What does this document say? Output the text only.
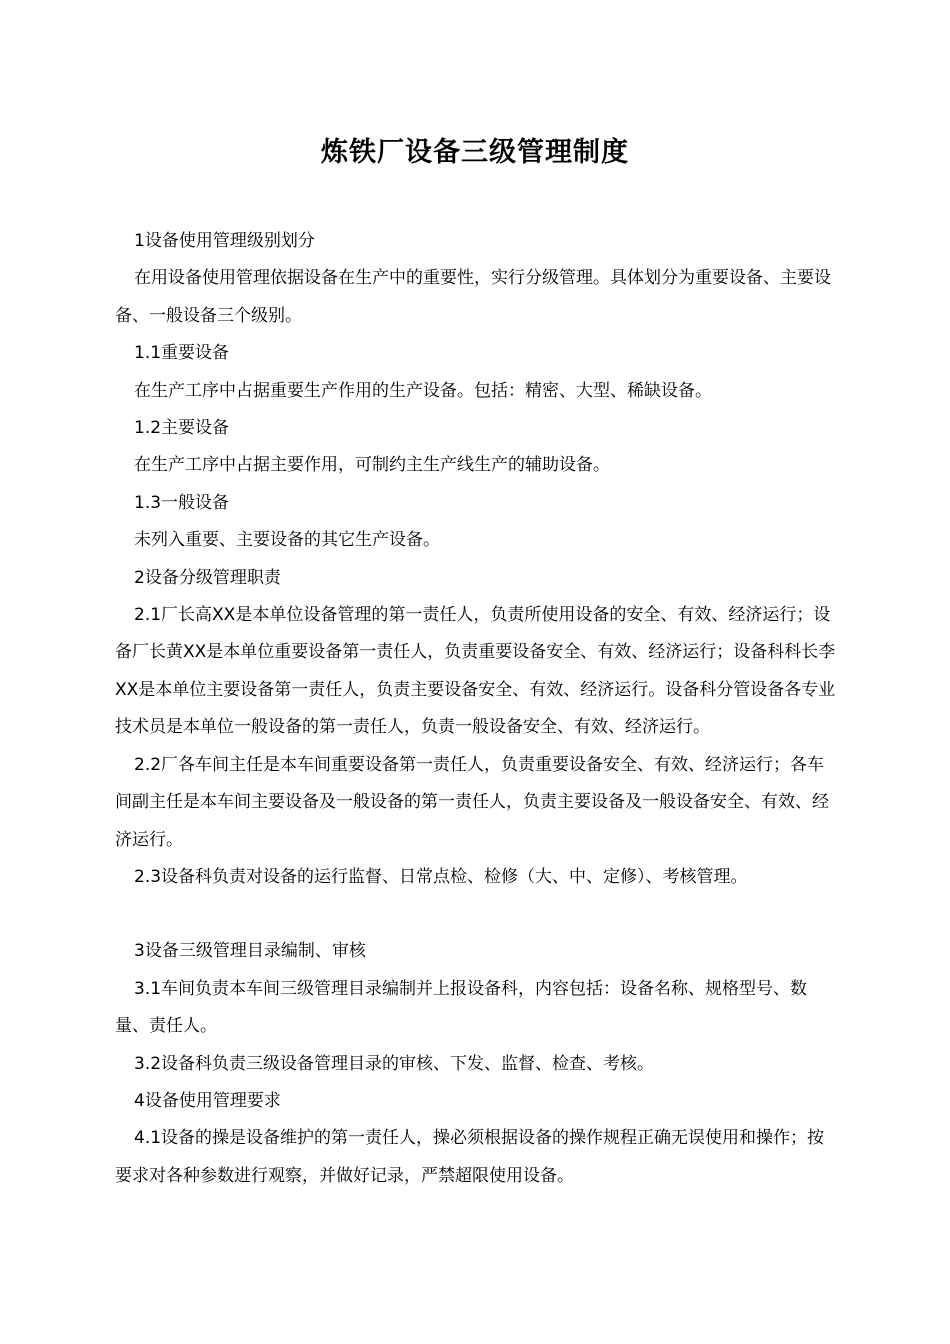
炼铁厂设备三级管理制度

1设备使用管理级别划分

在用设备使用管理依据设备在生产中的重要性，实行分级管理。具体划分为重要设备、主要设备、一般设备三个级别。

1.1重要设备

在生产工序中占据重要生产作用的生产设备。包括：精密、大型、稀缺设备。

1.2主要设备

在生产工序中占据主要作用，可制约主生产线生产的辅助设备。

1.3一般设备

未列入重要、主要设备的其它生产设备。

2设备分级管理职责

2.1厂长高XX是本单位设备管理的第一责任人，负责所使用设备的安全、有效、经济运行；设备厂长黄XX是本单位重要设备第一责任人，负责重要设备安全、有效、经济运行；设备科科长李XX是本单位主要设备第一责任人，负责主要设备安全、有效、经济运行。设备科分管设备各专业技术员是本单位一般设备的第一责任人，负责一般设备安全、有效、经济运行。

2.2厂各车间主任是本车间重要设备第一责任人，负责重要设备安全、有效、经济运行；各车间副主任是本车间主要设备及一般设备的第一责任人，负责主要设备及一般设备安全、有效、经济运行。

2.3设备科负责对设备的运行监督、日常点检、检修（大、中、定修）、考核管理。

3设备三级管理目录编制、审核

3.1车间负责本车间三级管理目录编制并上报设备科，内容包括：设备名称、规格型号、数量、责任人。

3.2设备科负责三级设备管理目录的审核、下发、监督、检查、考核。

4设备使用管理要求

4.1设备的操是设备维护的第一责任人，操必须根据设备的操作规程正确无误使用和操作；按要求对各种参数进行观察，并做好记录，严禁超限使用设备。
